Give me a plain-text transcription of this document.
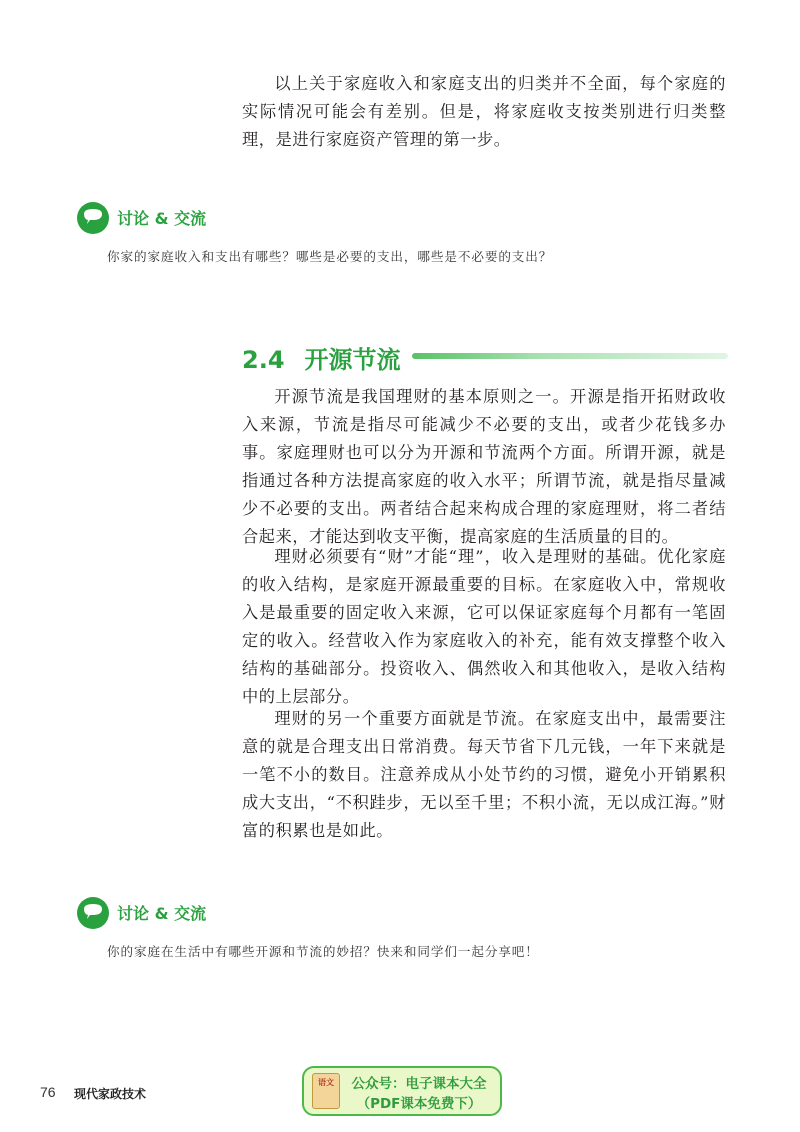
以上关于家庭收入和家庭支出的归类并不全面，每个家庭的实际情况可能会有差别。但是，将家庭收支按类别进行归类整理，是进行家庭资产管理的第一步。

讨论 & 交流
你家的家庭收入和支出有哪些？哪些是必要的支出，哪些是不必要的支出？
2.4 开源节流

开源节流是我国理财的基本原则之一。开源是指开拓财政收入来源，节流是指尽可能减少不必要的支出，或者少花钱多办事。家庭理财也可以分为开源和节流两个方面。所谓开源，就是指通过各种方法提高家庭的收入水平；所谓节流，就是指尽量减少不必要的支出。两者结合起来构成合理的家庭理财，将二者结合起来，才能达到收支平衡，提高家庭的生活质量的目的。

理财必须要有“财”才能“理”，收入是理财的基础。优化家庭的收入结构，是家庭开源最重要的目标。在家庭收入中，常规收入是最重要的固定收入来源，它可以保证家庭每个月都有一笔固定的收入。经营收入作为家庭收入的补充，能有效支撑整个收入结构的基础部分。投资收入、偶然收入和其他收入，是收入结构中的上层部分。

理财的另一个重要方面就是节流。在家庭支出中，最需要注意的就是合理支出日常消费。每天节省下几元钱，一年下来就是一笔不小的数目。注意养成从小处节约的习惯，避免小开销累积成大支出，“不积跬步，无以至千里；不积小流，无以成江海。”财富的积累也是如此。

讨论 & 交流
你的家庭在生活中有哪些开源和节流的妙招？快来和同学们一起分享吧！
76 现代家政技术
语文	公众号：电子课本大全
（PDF课本免费下）
